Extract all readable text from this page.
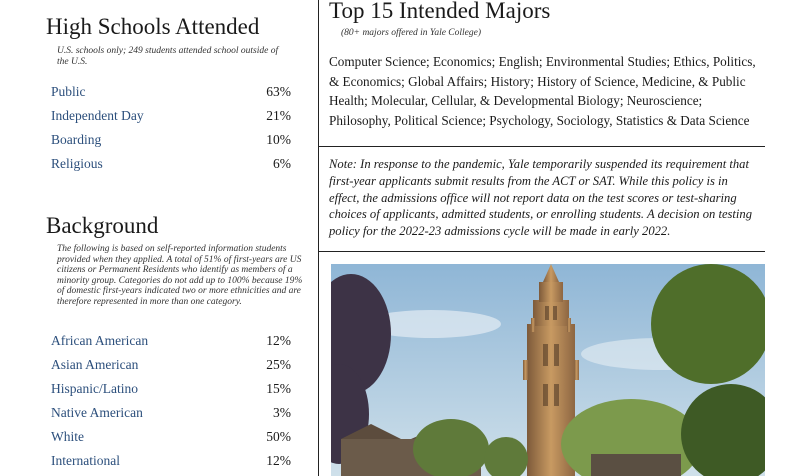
High Schools Attended
U.S. schools only; 249 students attended school outside of the U.S.
Public	63%
Independent Day	21%
Boarding	10%
Religious	6%
Background
The following is based on self-reported information students provided when they applied. A total of 51% of first-years are US citizens or Permanent Residents who identify as members of a minority group. Categories do not add up to 100% because 19% of domestic first-years indicated two or more ethnicities and are therefore represented in more than one category.
African American	12%
Asian American	25%
Hispanic/Latino	15%
Native American	3%
White	50%
International	12%
Top 15 Intended Majors
(80+ majors offered in Yale College)
Computer Science; Economics; English; Environmental Studies; Ethics, Politics, & Economics; Global Affairs; History; History of Science, Medicine, & Public Health; Molecular, Cellular, & Developmental Biology; Neuroscience; Philosophy, Political Science; Psychology, Sociology, Statistics & Data Science
Note: In response to the pandemic, Yale temporarily suspended its requirement that first-year applicants submit results from the ACT or SAT. While this policy is in effect, the admissions office will not report data on the test scores or test-sharing choices of applicants, admitted students, or enrolling students. A decision on testing policy for the 2022-23 admissions cycle will be made in early 2022.
